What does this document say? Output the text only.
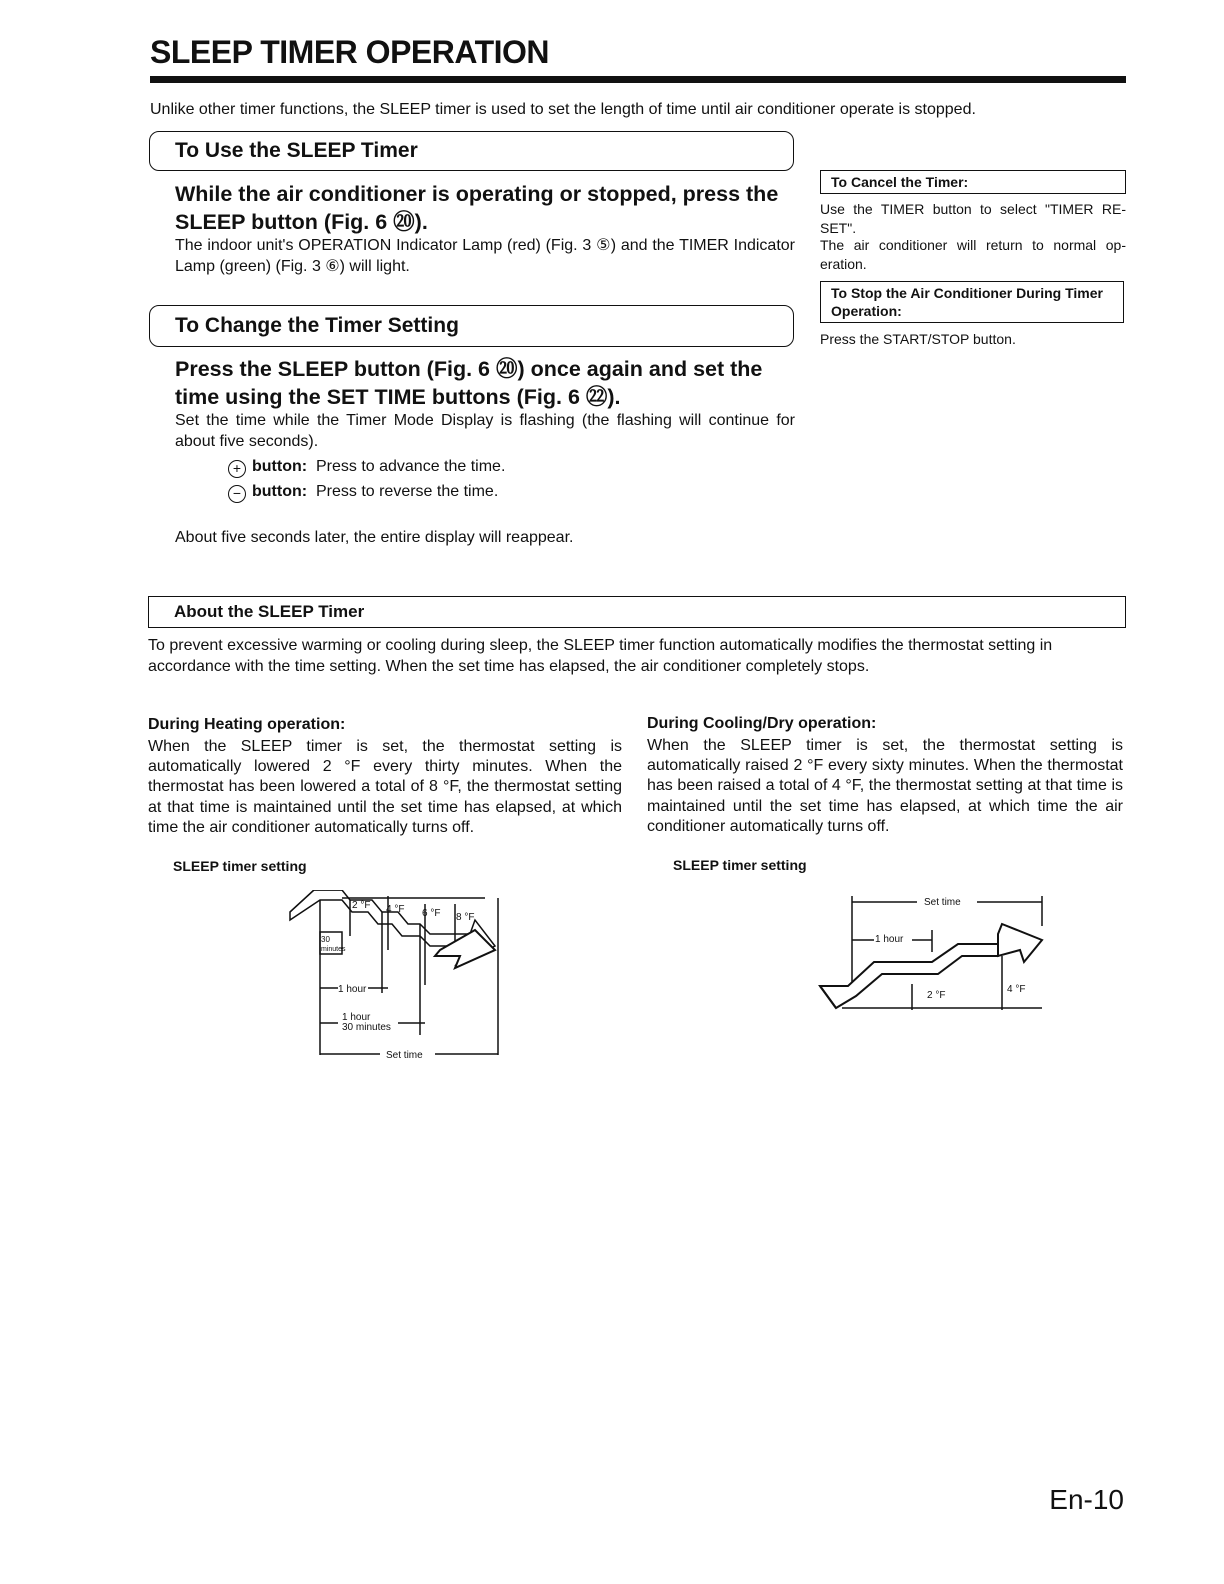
SLEEP TIMER OPERATION
Unlike other timer functions, the SLEEP timer is used to set the length of time until air conditioner operate is stopped.
To Use the SLEEP Timer
While the air conditioner is operating or stopped, press the SLEEP button (Fig. 6 ⑳).
The indoor unit's OPERATION Indicator Lamp (red) (Fig. 3 ⑤) and the TIMER Indicator Lamp (green) (Fig. 3 ⑥) will light.
To Change the Timer Setting
Press the SLEEP button (Fig. 6 ⑳) once again and set the time using the SET TIME buttons (Fig. 6 ㉒).
Set the time while the Timer Mode Display is flashing (the flashing will continue for about five seconds).
+ button: Press to advance the time.
− button: Press to reverse the time.
About five seconds later, the entire display will reappear.
To Cancel the Timer:
Use the TIMER button to select "TIMER RE-SET".
The air conditioner will return to normal op-eration.
To Stop the Air Conditioner During Timer Operation:
Press the START/STOP button.
About the SLEEP Timer
To prevent excessive warming or cooling during sleep, the SLEEP timer function automatically modifies the thermostat setting in accordance with the time setting. When the set time has elapsed, the air conditioner completely stops.
During Heating operation:
When the SLEEP timer is set, the thermostat setting is automatically lowered 2 °F every thirty minutes. When the thermostat has been lowered a total of 8 °F, the thermostat setting at that time is maintained until the set time has elapsed, at which time the air conditioner automatically turns off.
SLEEP timer setting
During Cooling/Dry operation:
When the SLEEP timer is set, the thermostat setting is automatically raised 2 °F every sixty minutes. When the thermostat has been raised a total of 4 °F, the thermostat setting at that time is maintained until the set time has elapsed, at which time the air conditioner automatically turns off.
SLEEP timer setting
2 °F 4 °F 6 °F 8 °F
30
minutes
1 hour
1 hour
30 minutes
Set time
Set time
1 hour
2 °F
4 °F
En-10
